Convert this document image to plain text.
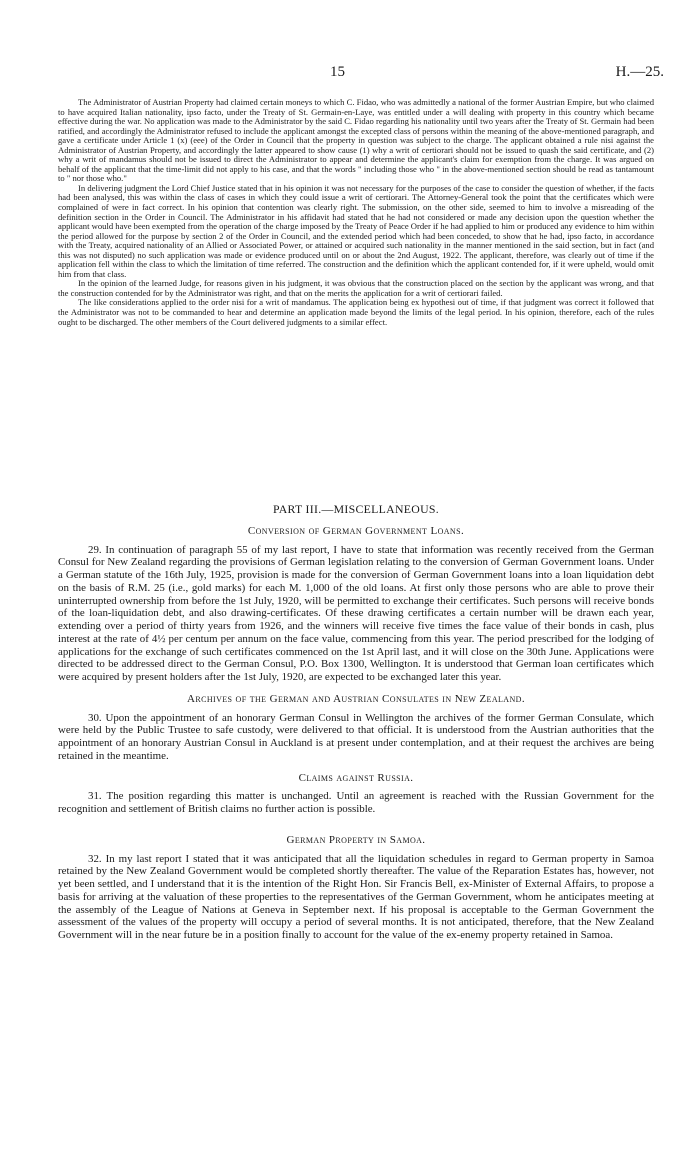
15	H.—25.

The Administrator of Austrian Property had claimed certain moneys to which C. Fidao, who was admittedly a national of the former Austrian Empire, but who claimed to have acquired Italian nationality, ipso facto, under the Treaty of St. Germain-en-Laye, was entitled under a will dealing with property in this country which became effective during the war. No application was made to the Administrator by the said C. Fidao regarding his nationality until two years after the Treaty of St. Germain had been ratified, and accordingly the Administrator refused to include the applicant amongst the excepted class of persons within the meaning of the above-mentioned paragraph, and gave a certificate under Article 1 (x) (eee) of the Order in Council that the property in question was subject to the charge. The applicant obtained a rule nisi against the Administrator of Austrian Property, and accordingly the latter appeared to show cause (1) why a writ of certiorari should not be issued to quash the said certificate, and (2) why a writ of mandamus should not be issued to direct the Administrator to appear and determine the applicant's claim for exemption from the charge. It was argued on behalf of the applicant that the time-limit did not apply to his case, and that the words " including those who " in the above-mentioned section should be read as tantamount to " nor those who."

In delivering judgment the Lord Chief Justice stated that in his opinion it was not necessary for the purposes of the case to consider the question of whether, if the facts had been analysed, this was within the class of cases in which they could issue a writ of certiorari. The Attorney-General took the point that the certificates which were complained of were in fact correct. In his opinion that contention was clearly right. The submission, on the other side, seemed to him to involve a misreading of the definition section in the Order in Council. The Administrator in his affidavit had stated that he had not considered or made any decision upon the question whether the applicant would have been exempted from the operation of the charge imposed by the Treaty of Peace Order if he had applied to him or produced any evidence to him within the period allowed for the purpose by section 2 of the Order in Council, and the extended period which had been conceded, to show that he had, ipso facto, in accordance with the Treaty, acquired nationality of an Allied or Associated Power, or attained or acquired such nationality in the manner mentioned in the said section, but in fact (and this was not disputed) no such application was made or evidence produced until on or about the 2nd August, 1922. The applicant, therefore, was clearly out of time if the application fell within the class to which the limitation of time referred. The construction and the definition which the applicant contended for, if it were upheld, would omit him from that class.

In the opinion of the learned Judge, for reasons given in his judgment, it was obvious that the construction placed on the section by the applicant was wrong, and that the construction contended for by the Administrator was right, and that on the merits the application for a writ of certiorari failed.

The like considerations applied to the order nisi for a writ of mandamus. The application being ex hypothesi out of time, if that judgment was correct it followed that the Administrator was not to be commanded to hear and determine an application made beyond the limits of the legal period. In his opinion, therefore, each of the rules ought to be discharged. The other members of the Court delivered judgments to a similar effect.

PART III.—MISCELLANEOUS.
Conversion of German Government Loans.

29. In continuation of paragraph 55 of my last report, I have to state that information was recently received from the German Consul for New Zealand regarding the provisions of German legislation relating to the conversion of German Government loans. Under a German statute of the 16th July, 1925, provision is made for the conversion of German Government loans into a loan liquidation debt on the basis of R.M. 25 (i.e., gold marks) for each M. 1,000 of the old loans. At first only those persons who are able to prove their uninterrupted ownership from before the 1st July, 1920, will be permitted to exchange their certificates. Such persons will receive bonds of the loan-liquidation debt, and also drawing-certificates. Of these drawing certificates a certain number will be drawn each year, extending over a period of thirty years from 1926, and the winners will receive five times the face value of their bonds in cash, plus interest at the rate of 4½ per centum per annum on the face value, commencing from this year. The period prescribed for the lodging of applications for the exchange of such certificates commenced on the 1st April last, and it will close on the 30th June. Applications were directed to be addressed direct to the German Consul, P.O. Box 1300, Wellington. It is understood that German loan certificates which were acquired by present holders after the 1st July, 1920, are expected to be exchanged later this year.

Archives of the German and Austrian Consulates in New Zealand.

30. Upon the appointment of an honorary German Consul in Wellington the archives of the former German Consulate, which were held by the Public Trustee to safe custody, were delivered to that official. It is understood from the Austrian authorities that the appointment of an honorary Austrian Consul in Auckland is at present under contemplation, and at their request the archives are being retained in the meantime.

Claims against Russia.

31. The position regarding this matter is unchanged. Until an agreement is reached with the Russian Government for the recognition and settlement of British claims no further action is possible.

German Property in Samoa.

32. In my last report I stated that it was anticipated that all the liquidation schedules in regard to German property in Samoa retained by the New Zealand Government would be completed shortly thereafter. The value of the Reparation Estates has, however, not yet been settled, and I understand that it is the intention of the Right Hon. Sir Francis Bell, ex-Minister of External Affairs, to propose a basis for arriving at the valuation of these properties to the representatives of the German Government, whom he anticipates meeting at the assembly of the League of Nations at Geneva in September next. If his proposal is acceptable to the German Government the assessment of the values of the property will occupy a period of several months. It is not anticipated, therefore, that the New Zealand Government will in the near future be in a position finally to account for the value of the ex-enemy property retained in Samoa.
